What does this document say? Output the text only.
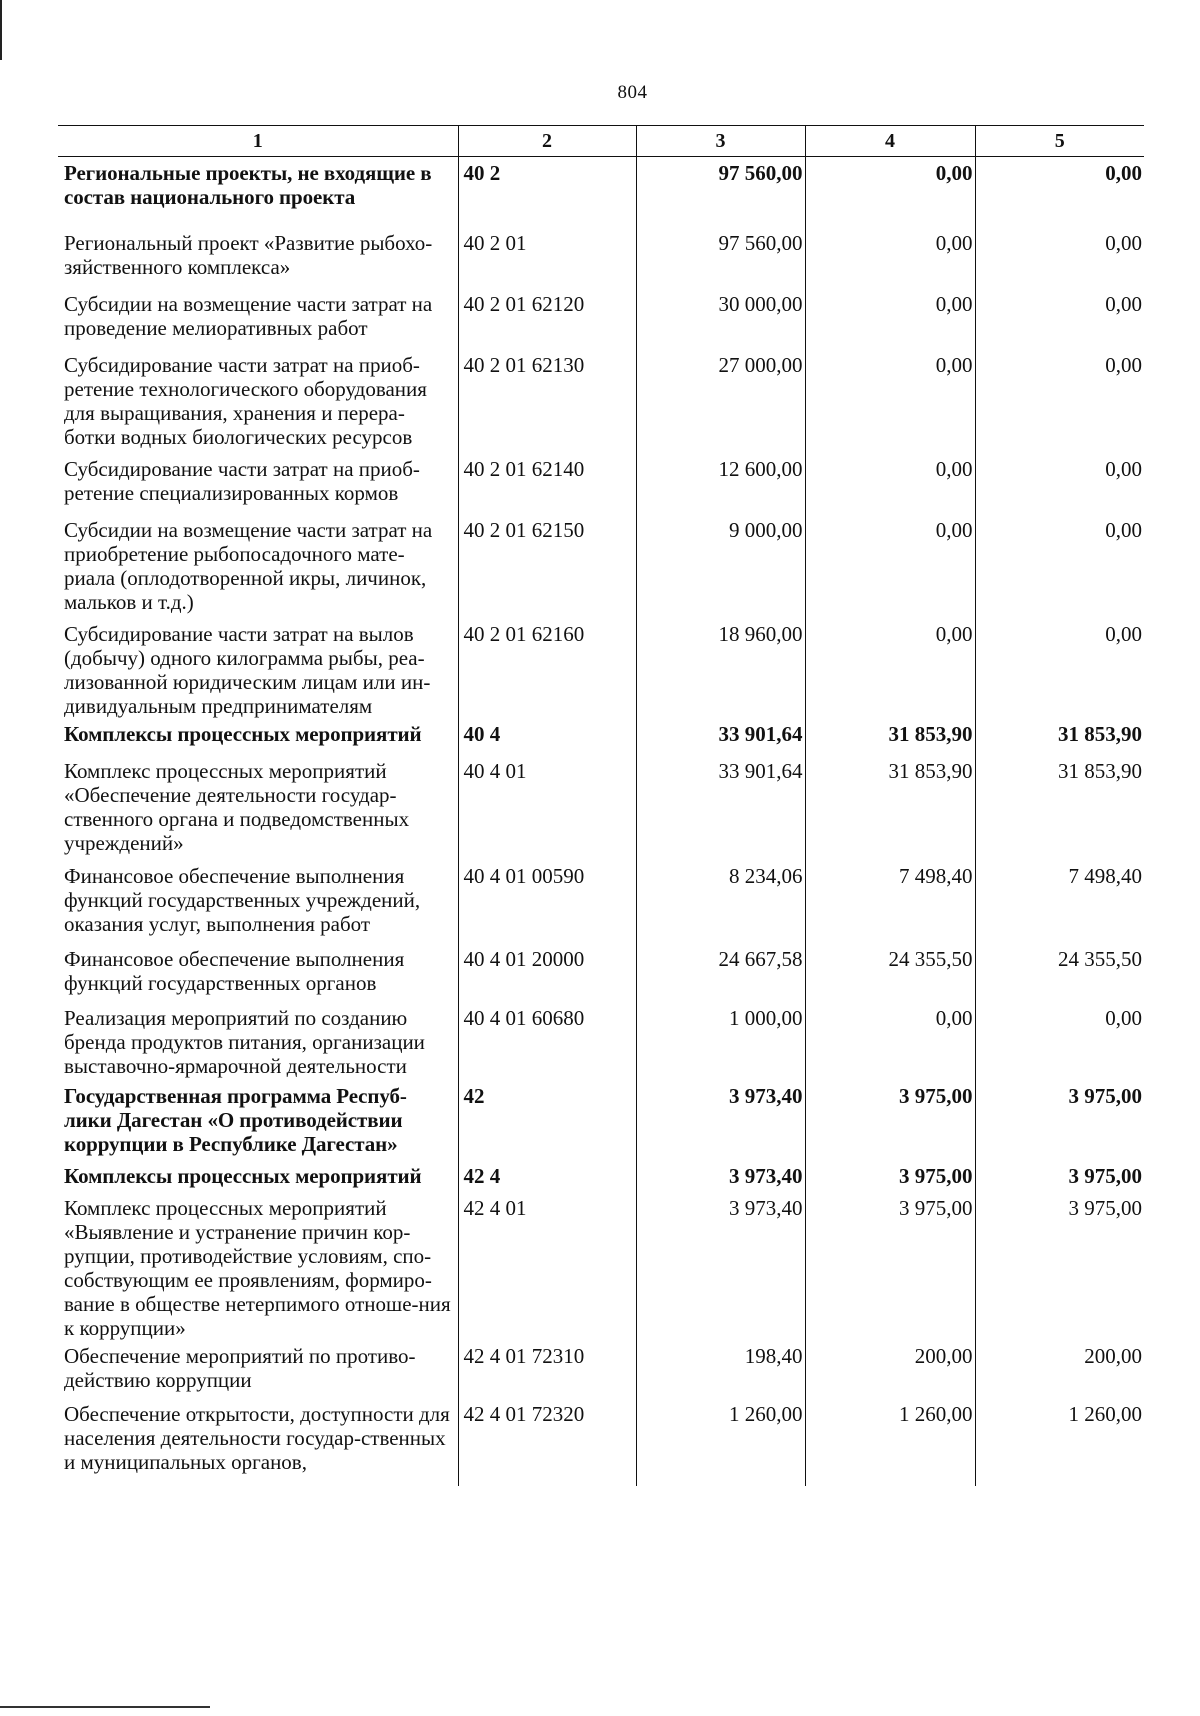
804
1	2	3	4	5
Региональные проекты, не входящие в состав национального проекта	40 2	97 560,00	0,00	0,00
Региональный проект «Развитие рыбохо-зяйственного комплекса»	40 2 01	97 560,00	0,00	0,00
Субсидии на возмещение части затрат на проведение мелиоративных работ	40 2 01 62120	30 000,00	0,00	0,00
Субсидирование части затрат на приоб-ретение технологического оборудования для выращивания, хранения и перера-ботки водных биологических ресурсов	40 2 01 62130	27 000,00	0,00	0,00
Субсидирование части затрат на приоб-ретение специализированных кормов	40 2 01 62140	12 600,00	0,00	0,00
Субсидии на возмещение части затрат на приобретение рыбопосадочного мате-риала (оплодотворенной икры, личинок, мальков и т.д.)	40 2 01 62150	9 000,00	0,00	0,00
Субсидирование части затрат на вылов (добычу) одного килограмма рыбы, реа-лизованной юридическим лицам или ин-дивидуальным предпринимателям	40 2 01 62160	18 960,00	0,00	0,00
Комплексы процессных мероприятий	40 4	33 901,64	31 853,90	31 853,90
Комплекс процессных мероприятий «Обеспечение деятельности государ-ственного органа и подведомственных учреждений»	40 4 01	33 901,64	31 853,90	31 853,90
Финансовое обеспечение выполнения функций государственных учреждений, оказания услуг, выполнения работ	40 4 01 00590	8 234,06	7 498,40	7 498,40
Финансовое обеспечение выполнения функций государственных органов	40 4 01 20000	24 667,58	24 355,50	24 355,50
Реализация мероприятий по созданию бренда продуктов питания, организации выставочно-ярмарочной деятельности	40 4 01 60680	1 000,00	0,00	0,00
Государственная программа Респуб-лики Дагестан «О противодействии коррупции в Республике Дагестан»	42	3 973,40	3 975,00	3 975,00
Комплексы процессных мероприятий	42 4	3 973,40	3 975,00	3 975,00
Комплекс процессных мероприятий «Выявление и устранение причин кор-рупции, противодействие условиям, спо-собствующим ее проявлениям, формиро-вание в обществе нетерпимого отноше-ния к коррупции»	42 4 01	3 973,40	3 975,00	3 975,00
Обеспечение мероприятий по противо-действию коррупции	42 4 01 72310	198,40	200,00	200,00
Обеспечение открытости, доступности для населения деятельности государ-ственных и муниципальных органов,	42 4 01 72320	1 260,00	1 260,00	1 260,00
